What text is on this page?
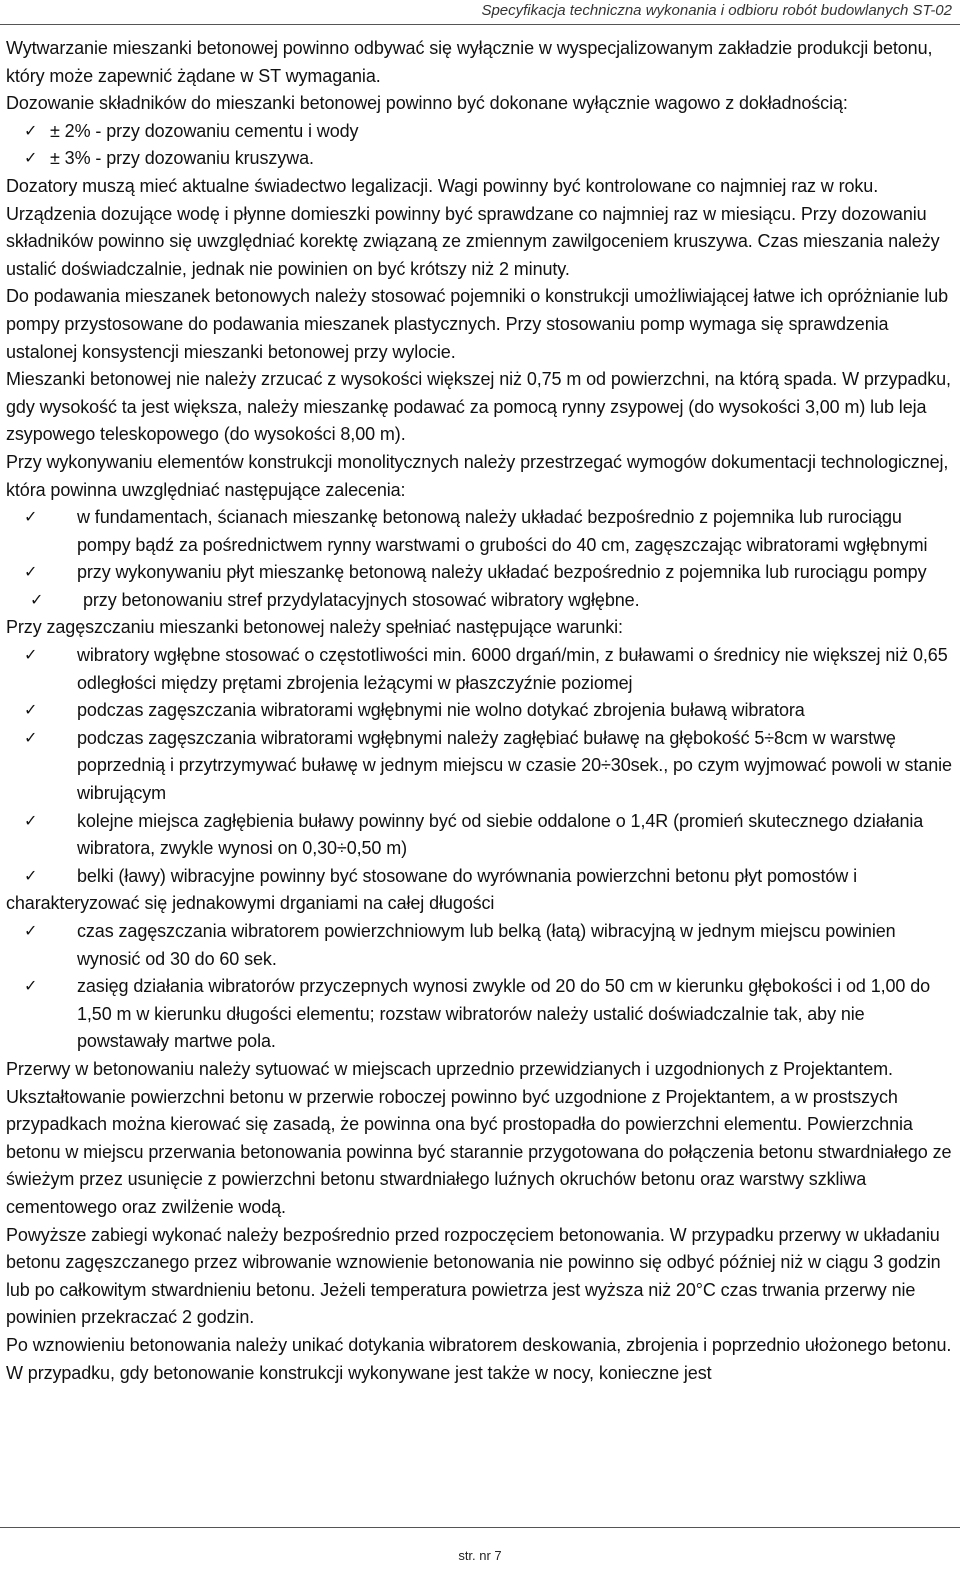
Specyfikacja techniczna wykonania i odbioru robót budowlanych ST-02

Wytwarzanie mieszanki betonowej powinno odbywać się wyłącznie w wyspecjalizowanym zakładzie produkcji betonu, który może zapewnić żądane w ST wymagania.

Dozowanie składników do mieszanki betonowej powinno być dokonane wyłącznie wagowo z dokładnością:

✓ ± 2% - przy dozowaniu cementu i wody
✓ ± 3% - przy dozowaniu kruszywa.

Dozatory muszą mieć aktualne świadectwo legalizacji. Wagi powinny być kontrolowane co najmniej raz w roku. Urządzenia dozujące wodę i płynne domieszki powinny być sprawdzane co najmniej raz w miesiącu. Przy dozowaniu składników powinno się uwzględniać korektę związaną ze zmiennym zawilgoceniem kruszywa. Czas mieszania należy ustalić doświadczalnie, jednak nie powinien on być krótszy niż 2 minuty.

Do podawania mieszanek betonowych należy stosować pojemniki o konstrukcji umożliwiającej łatwe ich opróżnianie lub pompy przystosowane do podawania mieszanek plastycznych. Przy stosowaniu pomp wymaga się sprawdzenia ustalonej konsystencji mieszanki betonowej przy wylocie.

Mieszanki betonowej nie należy zrzucać z wysokości większej niż 0,75 m od powierzchni, na którą spada. W przypadku, gdy wysokość ta jest większa, należy mieszankę podawać za pomocą rynny zsypowej (do wysokości 3,00 m) lub leja zsypowego teleskopowego (do wysokości 8,00 m).

Przy wykonywaniu elementów konstrukcji monolitycznych należy przestrzegać wymogów dokumentacji technologicznej, która powinna uwzględniać następujące zalecenia:

✓ w fundamentach, ścianach mieszankę betonową należy układać bezpośrednio z pojemnika lub rurociągu pompy bądź za pośrednictwem rynny warstwami o grubości do 40 cm, zagęszczając wibratorami wgłębnymi
✓ przy wykonywaniu płyt mieszankę betonową należy układać bezpośrednio z pojemnika lub rurociągu pompy
✓ przy betonowaniu stref przydylatacyjnych stosować wibratory wgłębne.

Przy zagęszczaniu mieszanki betonowej należy spełniać następujące warunki:

✓ wibratory wgłębne stosować o częstotliwości min. 6000 drgań/min, z buławami o średnicy nie większej niż 0,65 odległości między prętami zbrojenia leżącymi w płaszczyźnie poziomej
✓ podczas zagęszczania wibratorami wgłębnymi nie wolno dotykać zbrojenia buławą wibratora
✓ podczas zagęszczania wibratorami wgłębnymi należy zagłębiać buławę na głębokość 5÷8cm w warstwę poprzednią i przytrzymywać buławę w jednym miejscu w czasie 20÷30sek., po czym wyjmować powoli w stanie wibrującym
✓ kolejne miejsca zagłębienia buławy powinny być od siebie oddalone o 1,4R (promień skutecznego działania wibratora, zwykle wynosi on 0,30÷0,50 m)
✓ belki (ławy) wibracyjne powinny być stosowane do wyrównania powierzchni betonu płyt pomostów i charakteryzować się jednakowymi drganiami na całej długości
✓ czas zagęszczania wibratorem powierzchniowym lub belką (łatą) wibracyjną w jednym miejscu powinien wynosić od 30 do 60 sek.
✓ zasięg działania wibratorów przyczepnych wynosi zwykle od 20 do 50 cm w kierunku głębokości i od 1,00 do 1,50 m w kierunku długości elementu; rozstaw wibratorów należy ustalić doświadczalnie tak, aby nie powstawały martwe pola.

Przerwy w betonowaniu należy sytuować w miejscach uprzednio przewidzianych i uzgodnionych z Projektantem. Ukształtowanie powierzchni betonu w przerwie roboczej powinno być uzgodnione z Projektantem, a w prostszych przypadkach można kierować się zasadą, że powinna ona być prostopadła do powierzchni elementu. Powierzchnia betonu w miejscu przerwania betonowania powinna być starannie przygotowana do połączenia betonu stwardniałego ze świeżym przez usunięcie z powierzchni betonu stwardniałego luźnych okruchów betonu oraz warstwy szkliwa cementowego oraz zwilżenie wodą.

Powyższe zabiegi wykonać należy bezpośrednio przed rozpoczęciem betonowania. W przypadku przerwy w układaniu betonu zagęszczanego przez wibrowanie wznowienie betonowania nie powinno się odbyć później niż w ciągu 3 godzin lub po całkowitym stwardnieniu betonu. Jeżeli temperatura powietrza jest wyższa niż 20°C czas trwania przerwy nie powinien przekraczać 2 godzin.

Po wznowieniu betonowania należy unikać dotykania wibratorem deskowania, zbrojenia i poprzednio ułożonego betonu. W przypadku, gdy betonowanie konstrukcji wykonywane jest także w nocy, konieczne jest

str. nr 7
